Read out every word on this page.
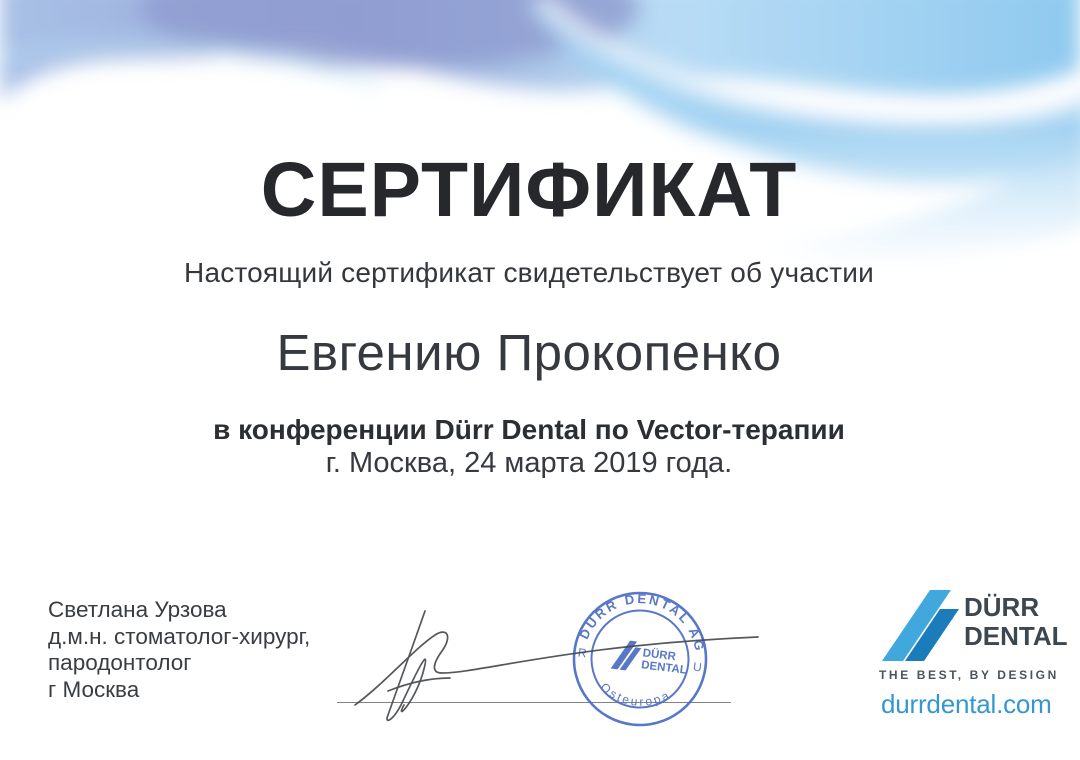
СЕРТИФИКАТ
Настоящий сертификат свидетельствует об участии
Евгению Прокопенко
в конференции Dürr Dental по Vector-терапии
г. Москва, 24 марта 2019 года.
Светлана Урзова
д.м.н. стоматолог-хирург,
пародонтолог
г Москва
DÜRR DENTAL AG
Osteuropa
R
U
DÜRR
DENTAL
DÜRR
DENTAL
THE BEST, BY DESIGN
durrdental.com
